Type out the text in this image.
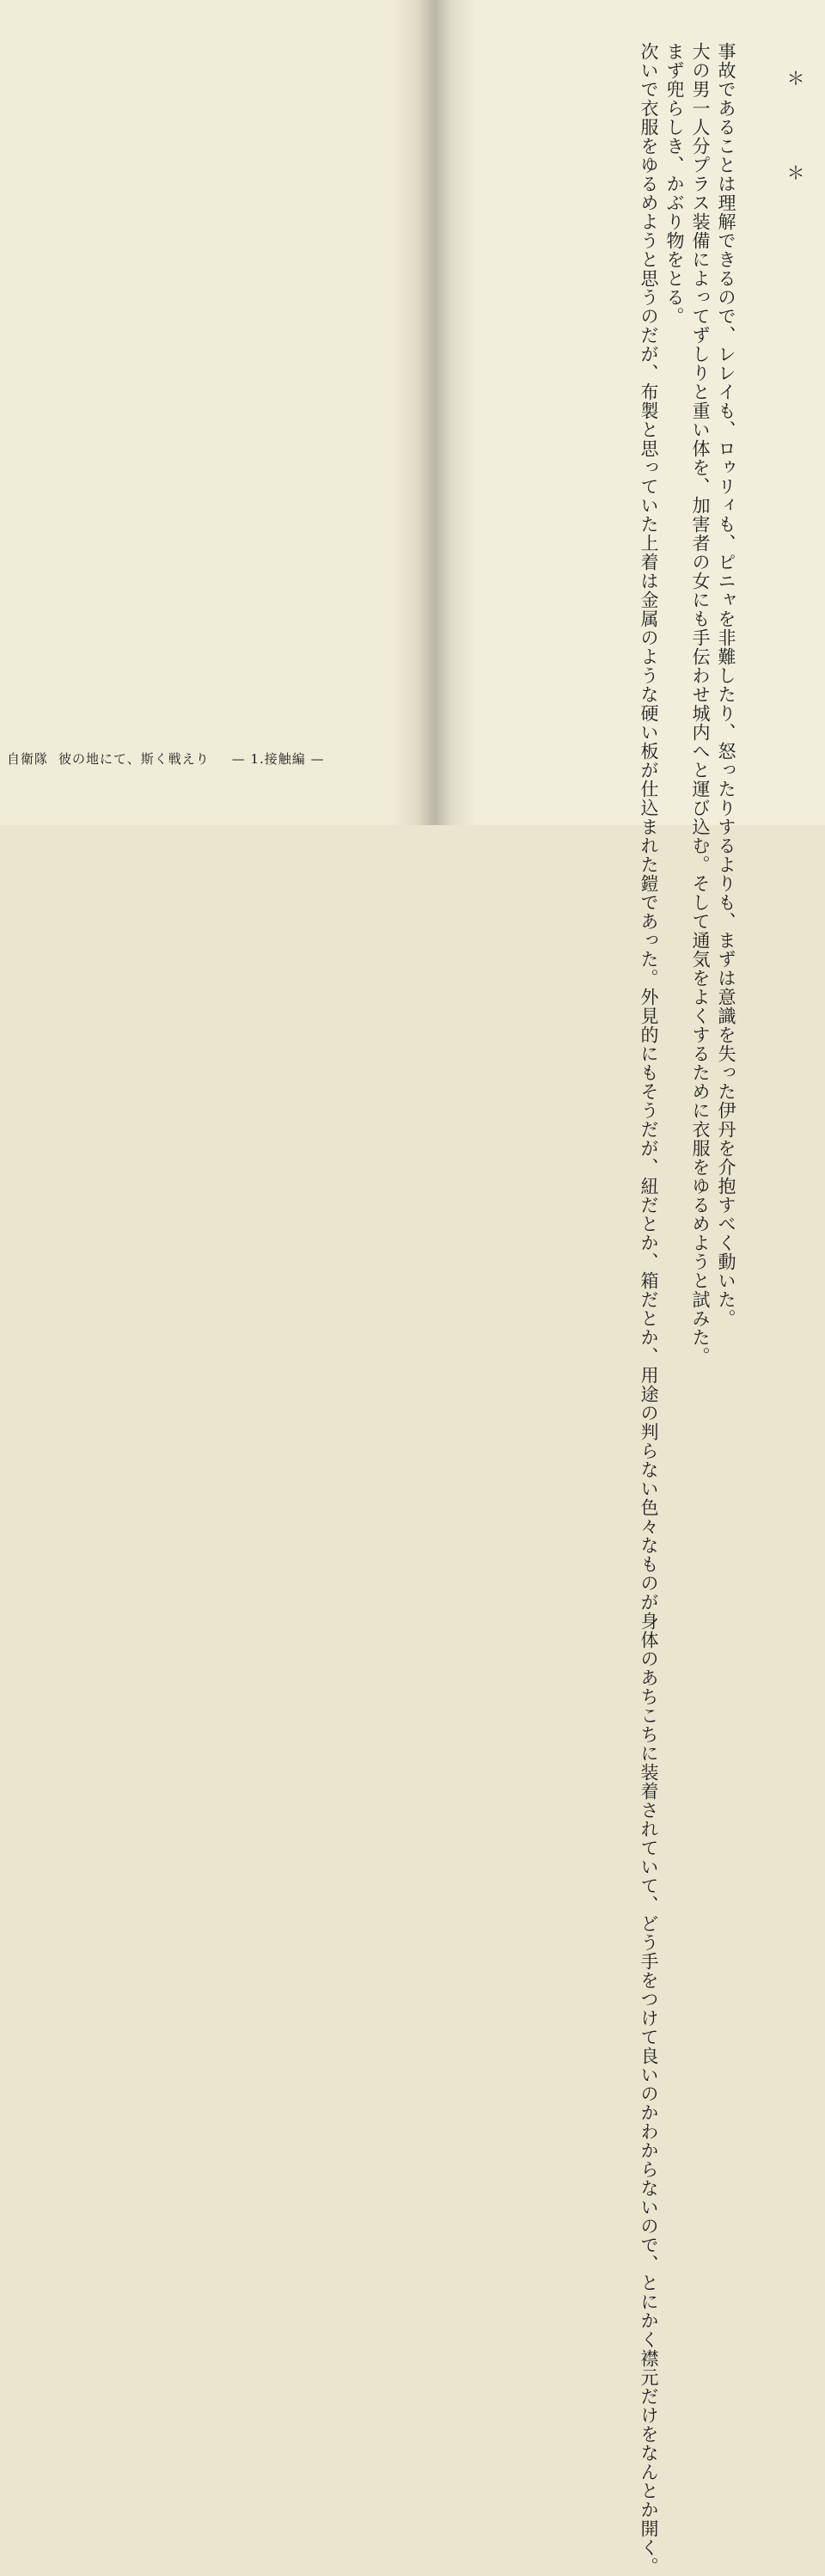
自衛隊 彼の地にて、斯く戦えり — 1.接触編 —
＊　＊

事故であることは理解できるので、レレイも、ロゥリィも、ピニャを非難したり、怒ったりするよりも、まずは意識を失った伊丹を介抱すべく動いた。

大の男一人分プラス装備によってずしりと重い体を、加害者の女にも手伝わせ城内へと運び込む。そして通気をよくするために衣服をゆるめようと試みた。

まず兜らしき、かぶり物をとる。

次いで衣服をゆるめようと思うのだが、布製と思っていた上着は金属のような硬い板が仕込まれた鎧であった。外見的にもそうだが、紐だとか、箱だとか、用途の判らない色々なものが身体のあちこちに装着されていて、どう手をつけて良いのかわからないので、とにかく襟元だけをなんとか開く。
